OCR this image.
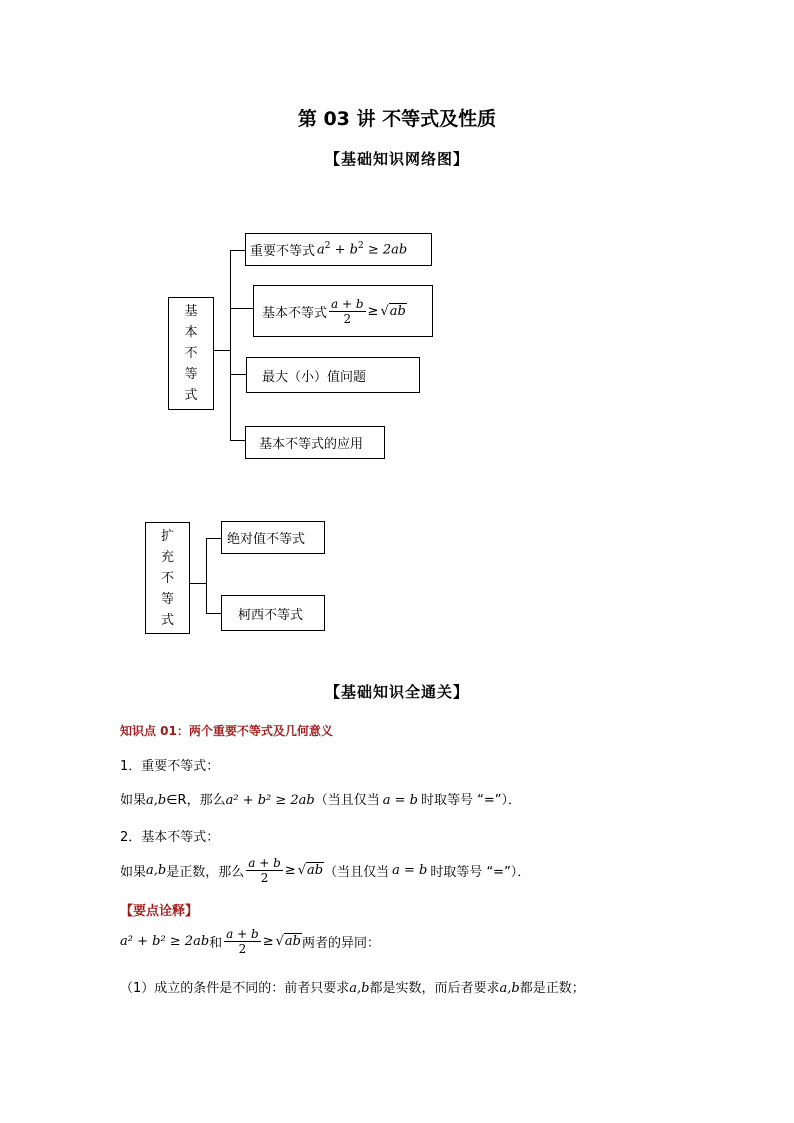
第 03 讲 不等式及性质
【基础知识网络图】
基
本
不
等
式
重要不等式 $a^2 + b^2 \ge 2ab$
基本不等式 $\frac{a + b}{2} \ge √ab$
最大（小）值问题
基本不等式的应用
扩
充
不
等
式
绝对值不等式
柯西不等式
【基础知识全通关】
知识点 01：两个重要不等式及几何意义
1．重要不等式：
如果a,b∈R，那么a² + b² ≥ 2ab（当且仅当 a = b 时取等号 “=”）．
2．基本不等式：
如果 a,b 是正数，那么 $\frac{a + b}{2} \ge √ab$ （当且仅当 a = b 时取等号 “=”）．
【要点诠释】
a² + b² ≥ 2ab 和 $\frac{a + b}{2} \ge √ab$ 两者的异同：
（1）成立的条件是不同的：前者只要求a,b都是实数，而后者要求a,b都是正数；
